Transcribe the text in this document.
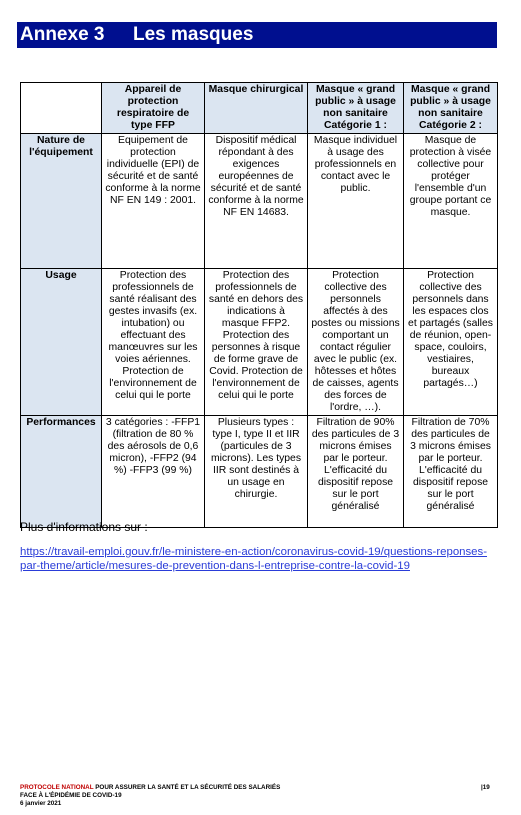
Annexe 3 Les masques
	Appareil de protection respiratoire de type FFP	Masque chirurgical	Masque « grand public » à usage non sanitaire Catégorie 1 :	Masque « grand public » à usage non sanitaire Catégorie 2 :
Nature de l'équipement	Equipement de protection individuelle (EPI) de sécurité et de santé conforme à la norme NF EN 149 : 2001.	Dispositif médical répondant à des exigences européennes de sécurité et de santé conforme à la norme NF EN 14683.	Masque individuel à usage des professionnels en contact avec le public.	Masque de protection à visée collective pour protéger l'ensemble d'un groupe portant ce masque.
Usage	Protection des professionnels de santé réalisant des gestes invasifs (ex. intubation) ou effectuant des manœuvres sur les voies aériennes. Protection de l'environnement de celui qui le porte	Protection des professionnels de santé en dehors des indications à masque FFP2. Protection des personnes à risque de forme grave de Covid. Protection de l'environnement de celui qui le porte	Protection collective des personnels affectés à des postes ou missions comportant un contact régulier avec le public (ex. hôtesses et hôtes de caisses, agents des forces de l'ordre, …).	Protection collective des personnels dans les espaces clos et partagés (salles de réunion, open-space, couloirs, vestiaires, bureaux partagés…)
Performances	3 catégories : -FFP1 (filtration de 80 % des aérosols de 0,6 micron), -FFP2 (94 %) -FFP3 (99 %)	Plusieurs types : type I, type II et IIR (particules de 3 microns). Les types IIR sont destinés à un usage en chirurgie.	Filtration de 90% des particules de 3 microns émises par le porteur. L'efficacité du dispositif repose sur le port généralisé	Filtration de 70% des particules de 3 microns émises par le porteur. L'efficacité du dispositif repose sur le port généralisé
Plus d'informations sur :
https://travail-emploi.gouv.fr/le-ministere-en-action/coronavirus-covid-19/questions-reponses-par-theme/article/mesures-de-prevention-dans-l-entreprise-contre-la-covid-19
PROTOCOLE NATIONAL POUR ASSURER LA SANTÉ ET LA SÉCURITÉ DES SALARIÉS
FACE À L'ÉPIDÉMIE DE COVID-19
6 janvier 2021
|19
